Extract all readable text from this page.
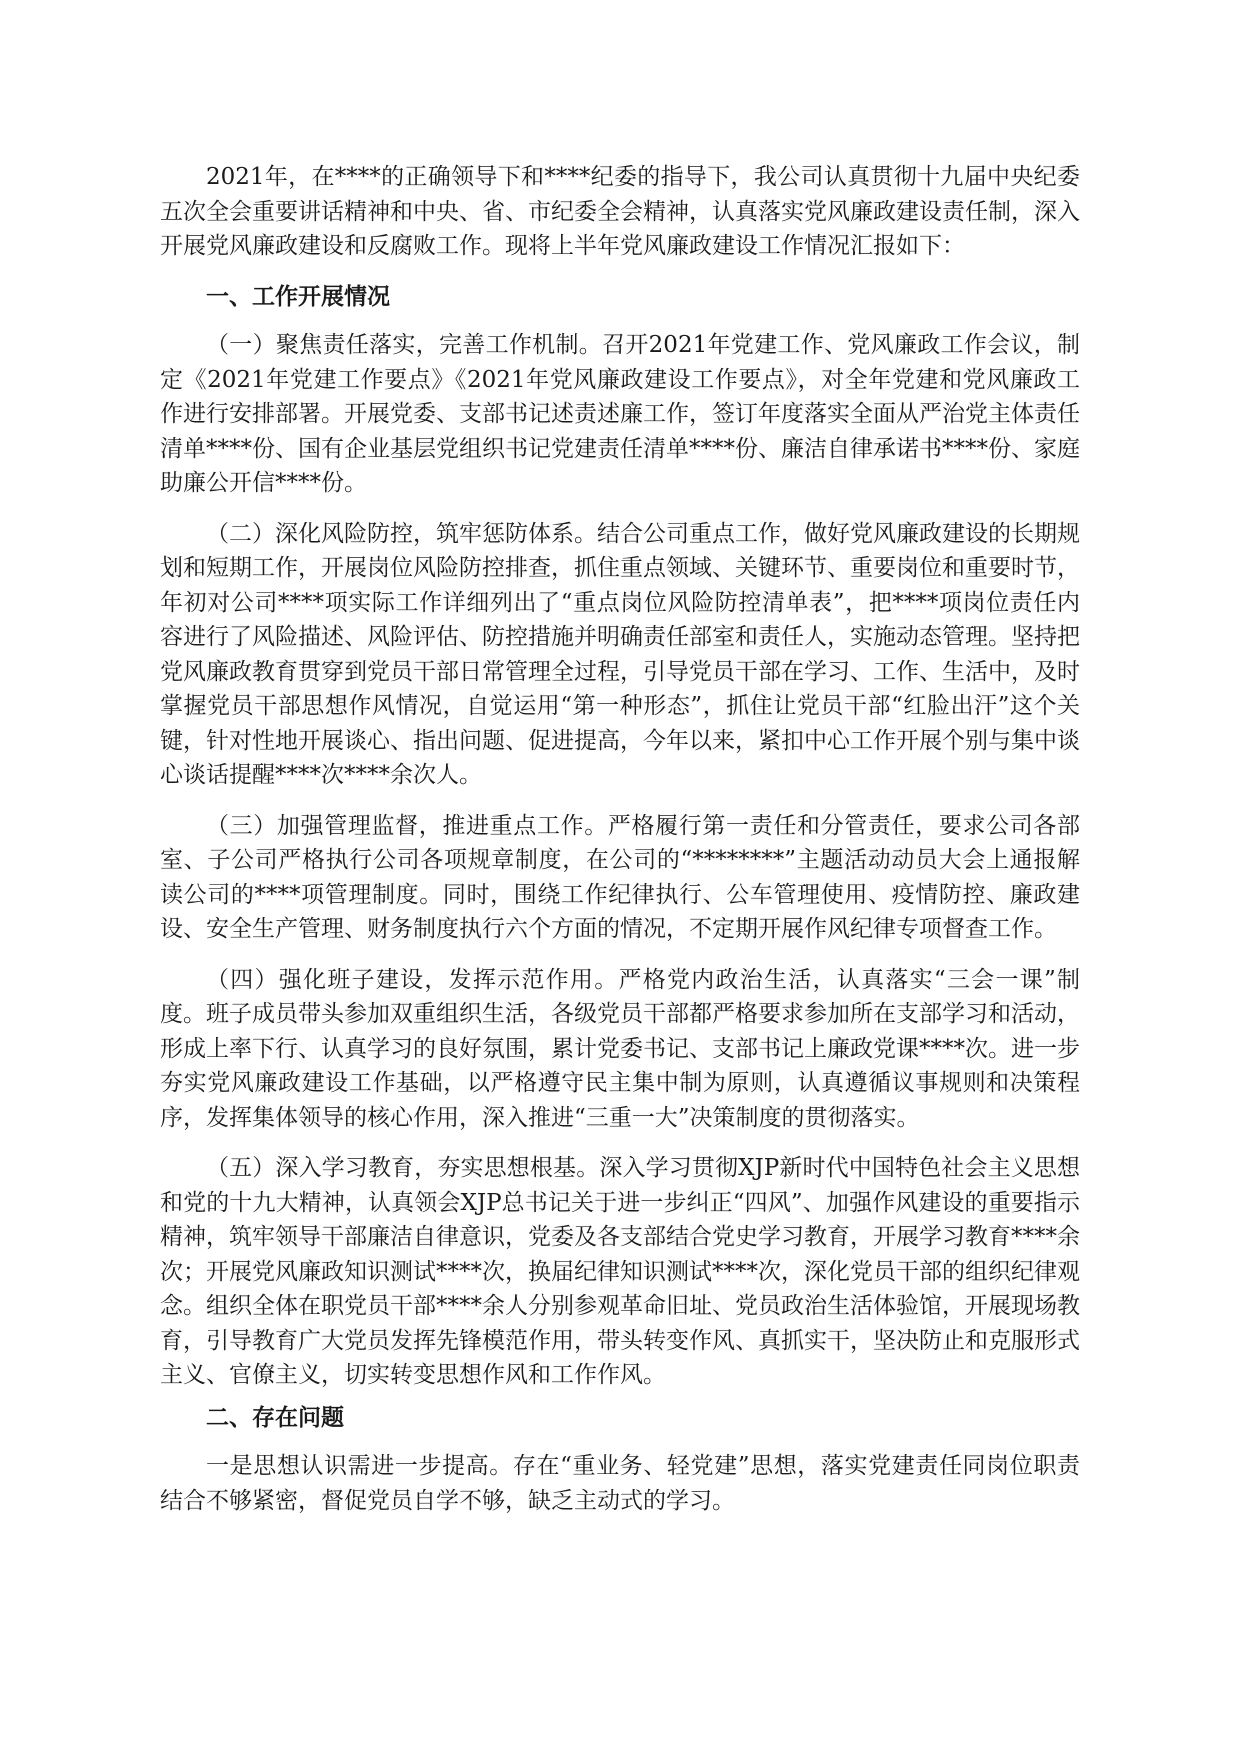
2021年，在****的正确领导下和****纪委的指导下，我公司认真贯彻十九届中央纪委五次全会重要讲话精神和中央、省、市纪委全会精神，认真落实党风廉政建设责任制，深入开展党风廉政建设和反腐败工作。现将上半年党风廉政建设工作情况汇报如下：

一、工作开展情况

（一）聚焦责任落实，完善工作机制。召开2021年党建工作、党风廉政工作会议，制定《2021年党建工作要点》《2021年党风廉政建设工作要点》，对全年党建和党风廉政工作进行安排部署。开展党委、支部书记述责述廉工作，签订年度落实全面从严治党主体责任清单****份、国有企业基层党组织书记党建责任清单****份、廉洁自律承诺书****份、家庭助廉公开信****份。

（二）深化风险防控，筑牢惩防体系。结合公司重点工作，做好党风廉政建设的长期规划和短期工作，开展岗位风险防控排查，抓住重点领域、关键环节、重要岗位和重要时节，年初对公司****项实际工作详细列出了“重点岗位风险防控清单表”，把****项岗位责任内容进行了风险描述、风险评估、防控措施并明确责任部室和责任人，实施动态管理。坚持把党风廉政教育贯穿到党员干部日常管理全过程，引导党员干部在学习、工作、生活中，及时掌握党员干部思想作风情况，自觉运用“第一种形态”，抓住让党员干部“红脸出汗”这个关键，针对性地开展谈心、指出问题、促进提高，今年以来，紧扣中心工作开展个别与集中谈心谈话提醒****次****余次人。

（三）加强管理监督，推进重点工作。严格履行第一责任和分管责任，要求公司各部室、子公司严格执行公司各项规章制度，在公司的“********”主题活动动员大会上通报解读公司的****项管理制度。同时，围绕工作纪律执行、公车管理使用、疫情防控、廉政建设、安全生产管理、财务制度执行六个方面的情况，不定期开展作风纪律专项督查工作。

（四）强化班子建设，发挥示范作用。严格党内政治生活，认真落实“三会一课”制度。班子成员带头参加双重组织生活，各级党员干部都严格要求参加所在支部学习和活动，形成上率下行、认真学习的良好氛围，累计党委书记、支部书记上廉政党课****次。进一步夯实党风廉政建设工作基础，以严格遵守民主集中制为原则，认真遵循议事规则和决策程序，发挥集体领导的核心作用，深入推进“三重一大”决策制度的贯彻落实。

（五）深入学习教育，夯实思想根基。深入学习贯彻XJP新时代中国特色社会主义思想和党的十九大精神，认真领会XJP总书记关于进一步纠正“四风”、加强作风建设的重要指示精神，筑牢领导干部廉洁自律意识，党委及各支部结合党史学习教育，开展学习教育****余次；开展党风廉政知识测试****次，换届纪律知识测试****次，深化党员干部的组织纪律观念。组织全体在职党员干部****余人分别参观革命旧址、党员政治生活体验馆，开展现场教育，引导教育广大党员发挥先锋模范作用，带头转变作风、真抓实干，坚决防止和克服形式主义、官僚主义，切实转变思想作风和工作作风。

二、存在问题

一是思想认识需进一步提高。存在“重业务、轻党建”思想，落实党建责任同岗位职责结合不够紧密，督促党员自学不够，缺乏主动式的学习。
